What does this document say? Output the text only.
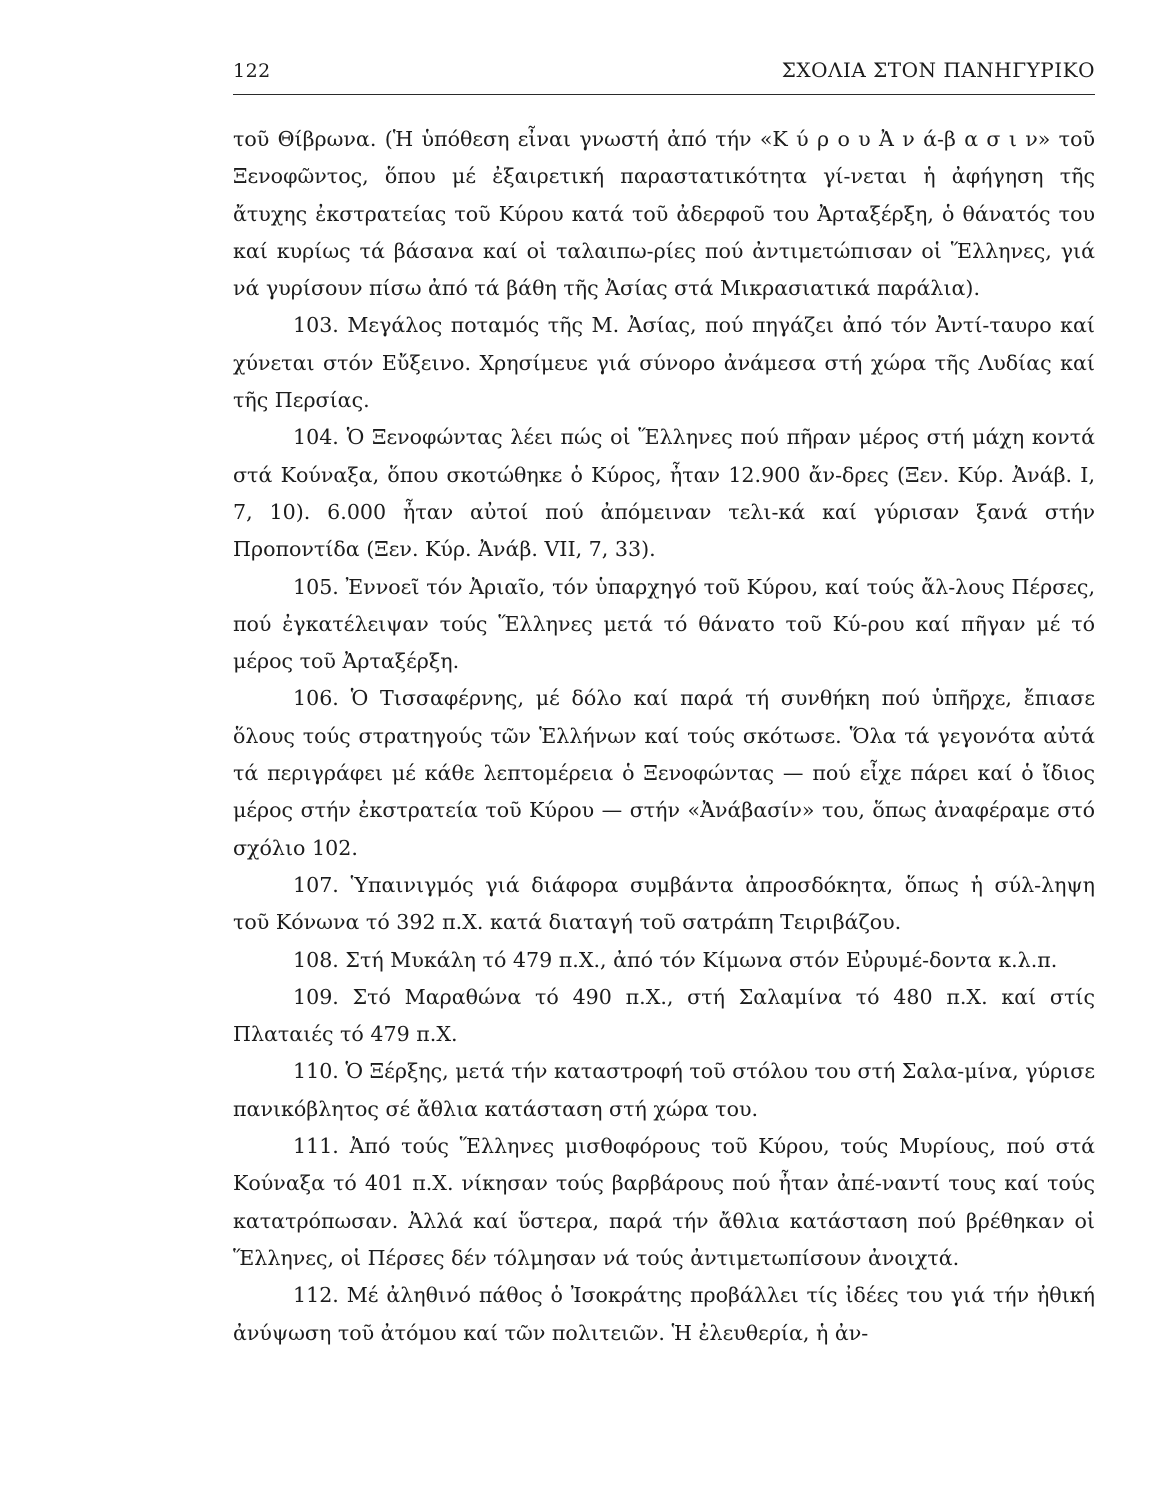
122	ΣΧΟΛΙΑ ΣΤΟΝ ΠΑΝΗΓΥΡΙΚΟ

τοῦ Θίβρωνα. (Ἡ ὑπόθεση εἶναι γνωστή ἀπό τήν «Κ ύ ρ ο υ Ἀ ν ά-β α σ ι ν» τοῦ Ξενοφῶντος, ὅπου μέ ἐξαιρετική παραστατικότητα γί-νεται ἡ ἀφήγηση τῆς ἄτυχης ἐκστρατείας τοῦ Κύρου κατά τοῦ ἀδερφοῦ του Ἀρταξέρξη, ὁ θάνατός του καί κυρίως τά βάσανα καί οἱ ταλαιπω-ρίες πού ἀντιμετώπισαν οἱ Ἕλληνες, γιά νά γυρίσουν πίσω ἀπό τά βάθη τῆς Ἀσίας στά Μικρασιατικά παράλια).

103. Μεγάλος ποταμός τῆς Μ. Ἀσίας, πού πηγάζει ἀπό τόν Ἀντί-ταυρο καί χύνεται στόν Εὔξεινο. Χρησίμευε γιά σύνορο ἀνάμεσα στή χώρα τῆς Λυδίας καί τῆς Περσίας.

104. Ὁ Ξενοφώντας λέει πώς οἱ Ἕλληνες πού πῆραν μέρος στή μάχη κοντά στά Κούναξα, ὅπου σκοτώθηκε ὁ Κύρος, ἦταν 12.900 ἄν-δρες (Ξεν. Κύρ. Ἀνάβ. Ι, 7, 10). 6.000 ἦταν αὐτοί πού ἀπόμειναν τελι-κά καί γύρισαν ξανά στήν Προποντίδα (Ξεν. Κύρ. Ἀνάβ. VII, 7, 33).

105. Ἐννοεῖ τόν Ἀριαῖο, τόν ὑπαρχηγό τοῦ Κύρου, καί τούς ἄλ-λους Πέρσες, πού ἐγκατέλειψαν τούς Ἕλληνες μετά τό θάνατο τοῦ Κύ-ρου καί πῆγαν μέ τό μέρος τοῦ Ἀρταξέρξη.

106. Ὁ Τισσαφέρνης, μέ δόλο καί παρά τή συνθήκη πού ὑπῆρχε, ἔπιασε ὅλους τούς στρατηγούς τῶν Ἑλλήνων καί τούς σκότωσε. Ὅλα τά γεγονότα αὐτά τά περιγράφει μέ κάθε λεπτομέρεια ὁ Ξενοφώντας — πού εἶχε πάρει καί ὁ ἴδιος μέρος στήν ἐκστρατεία τοῦ Κύρου — στήν «Ἀνάβασίν» του, ὅπως ἀναφέραμε στό σχόλιο 102.

107. Ὑπαινιγμός γιά διάφορα συμβάντα ἀπροσδόκητα, ὅπως ἡ σύλ-ληψη τοῦ Κόνωνα τό 392 π.Χ. κατά διαταγή τοῦ σατράπη Τειριβάζου.

108. Στή Μυκάλη τό 479 π.Χ., ἀπό τόν Κίμωνα στόν Εὐρυμέ-δοντα κ.λ.π.

109. Στό Μαραθώνα τό 490 π.Χ., στή Σαλαμίνα τό 480 π.Χ. καί στίς Πλαταιές τό 479 π.Χ.

110. Ὁ Ξέρξης, μετά τήν καταστροφή τοῦ στόλου του στή Σαλα-μίνα, γύρισε πανικόβλητος σέ ἄθλια κατάσταση στή χώρα του.

111. Ἀπό τούς Ἕλληνες μισθοφόρους τοῦ Κύρου, τούς Μυρίους, πού στά Κούναξα τό 401 π.Χ. νίκησαν τούς βαρβάρους πού ἦταν ἀπέ-ναντί τους καί τούς κατατρόπωσαν. Ἀλλά καί ὕστερα, παρά τήν ἄθλια κατάσταση πού βρέθηκαν οἱ Ἕλληνες, οἱ Πέρσες δέν τόλμησαν νά τούς ἀντιμετωπίσουν ἀνοιχτά.

112. Μέ ἀληθινό πάθος ὁ Ἰσοκράτης προβάλλει τίς ἰδέες του γιά τήν ἠθική ἀνύψωση τοῦ ἀτόμου καί τῶν πολιτειῶν. Ἡ ἐλευθερία, ἡ ἀν-
